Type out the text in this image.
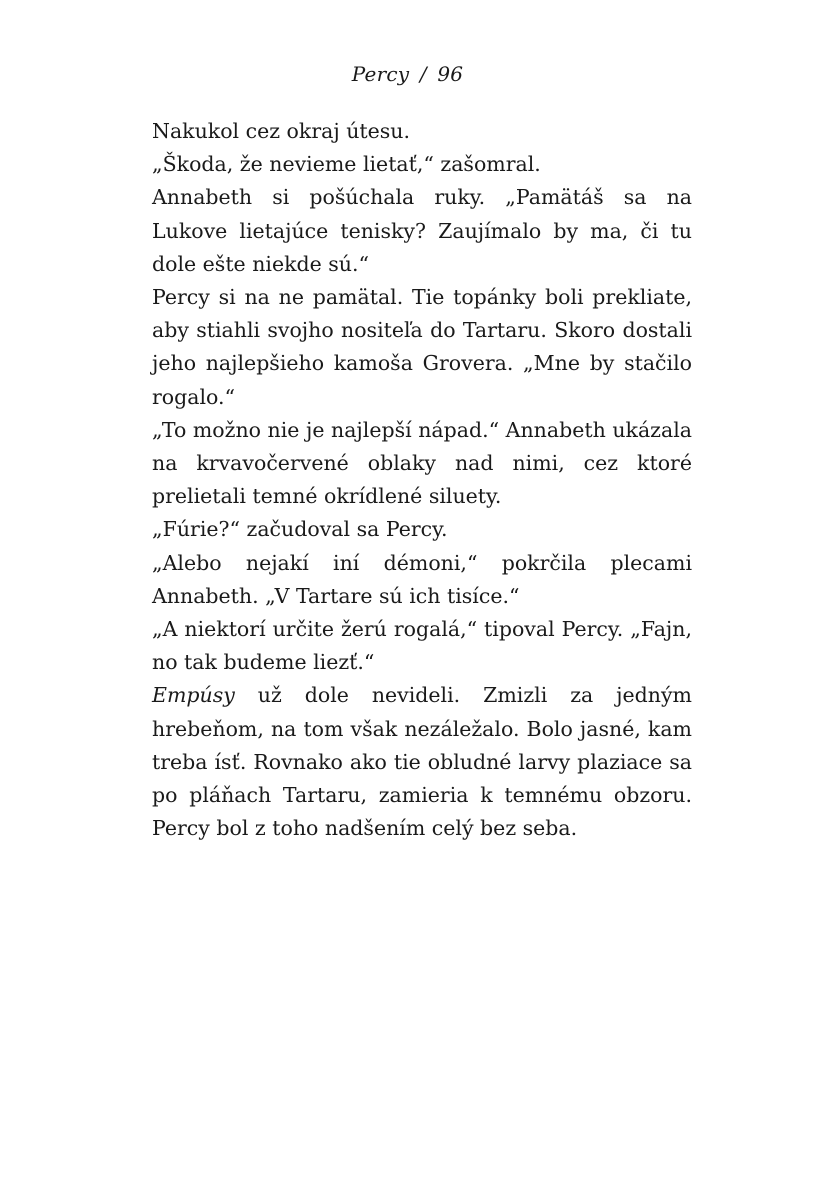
Percy / 96

Nakukol cez okraj útesu.

„Škoda, že nevieme lietať,“ zašomral.

Annabeth si pošúchala ruky. „Pamätáš sa na Lukove lietajúce tenisky? Zaujímalo by ma, či tu dole ešte niekde sú.“

Percy si na ne pamätal. Tie topánky boli prekliate, aby stiahli svojho nositeľa do Tartaru. Skoro dostali jeho najlepšieho kamoša Grovera. „Mne by stačilo rogalo.“

„To možno nie je najlepší nápad.“ Annabeth ukázala na krvavočervené oblaky nad nimi, cez ktoré prelietali temné okrídlené siluety.

„Fúrie?“ začudoval sa Percy.

„Alebo nejakí iní démoni,“ pokrčila plecami Annabeth. „V Tartare sú ich tisíce.“

„A niektorí určite žerú rogalá,“ tipoval Percy. „Fajn, no tak budeme liezť.“

Empúsy už dole nevideli. Zmizli za jedným hrebeňom, na tom však nezáležalo. Bolo jasné, kam treba ísť. Rovnako ako tie obludné larvy plaziace sa po pláňach Tartaru, zamieria k temnému obzoru. Percy bol z toho nadšením celý bez seba.
